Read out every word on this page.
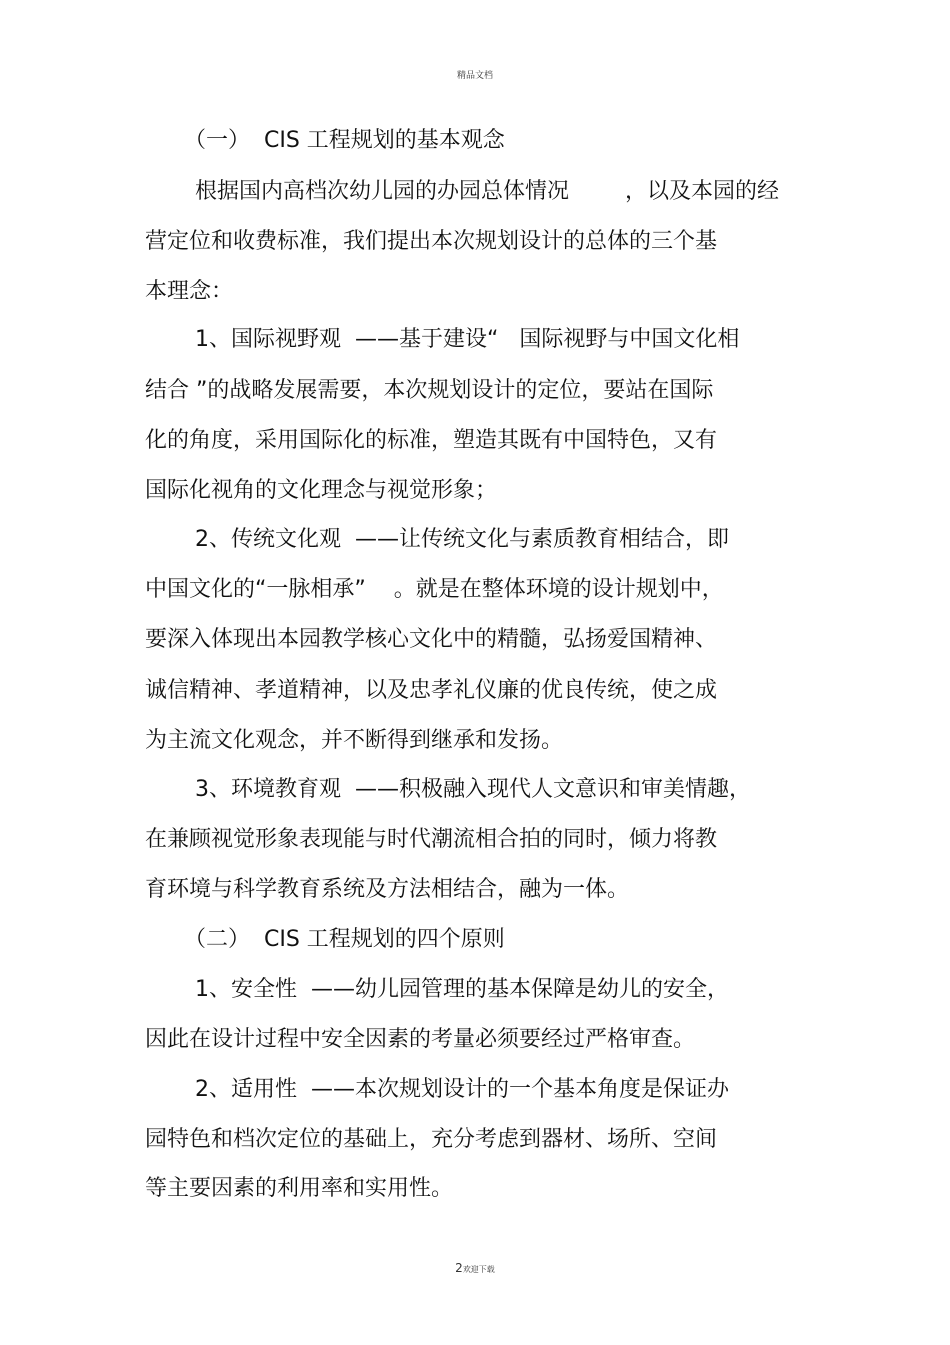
精品文档
（一）  CIS 工程规划的基本观念
根据国内高档次幼儿园的办园总体情况        ，以及本园的经
营定位和收费标准，我们提出本次规划设计的总体的三个基
本理念：
1、国际视野观  ——基于建设“   国际视野与中国文化相
结合 ”的战略发展需要，本次规划设计的定位，要站在国际
化的角度，采用国际化的标准，塑造其既有中国特色，又有
国际化视角的文化理念与视觉形象；
2、传统文化观  ——让传统文化与素质教育相结合，即
中国文化的“一脉相承”    。就是在整体环境的设计规划中，
要深入体现出本园教学核心文化中的精髓，弘扬爱国精神、
诚信精神、孝道精神，以及忠孝礼仪廉的优良传统，使之成
为主流文化观念，并不断得到继承和发扬。
3、环境教育观  ——积极融入现代人文意识和审美情趣，
在兼顾视觉形象表现能与时代潮流相合拍的同时，倾力将教
育环境与科学教育系统及方法相结合，融为一体。
（二）  CIS 工程规划的四个原则
1、安全性  ——幼儿园管理的基本保障是幼儿的安全，
因此在设计过程中安全因素的考量必须要经过严格审查。
2、适用性  ——本次规划设计的一个基本角度是保证办
园特色和档次定位的基础上，充分考虑到器材、场所、空间
等主要因素的利用率和实用性。
2欢迎下载
